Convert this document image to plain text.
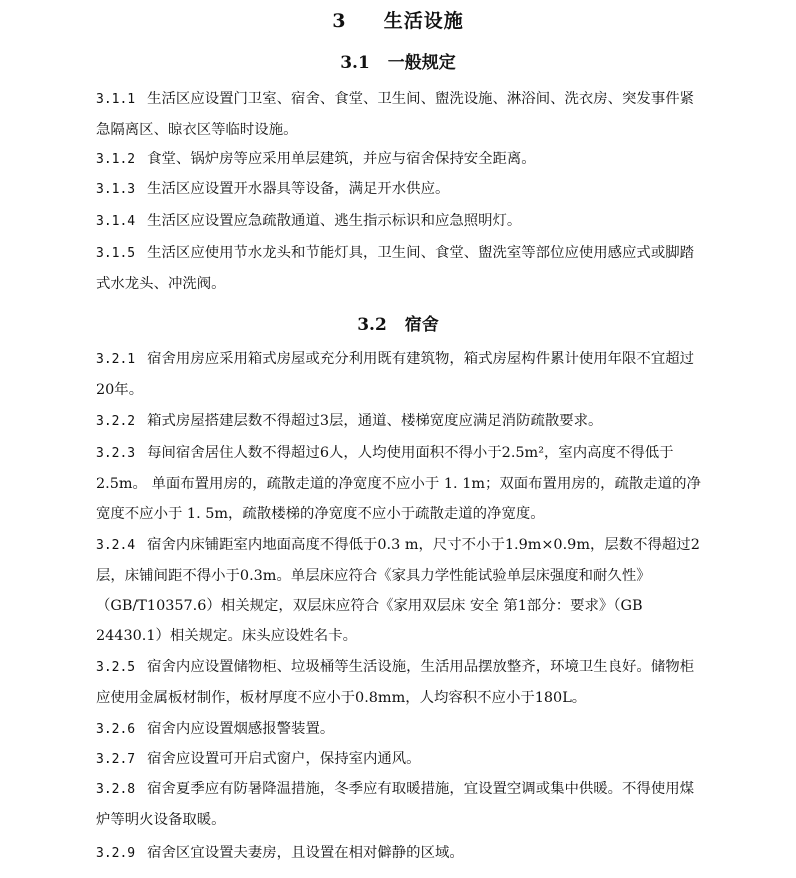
3 生活设施
3.1 一般规定
3.1.1 生活区应设置门卫室、宿舍、食堂、卫生间、盥洗设施、淋浴间、洗衣房、突发事件紧急隔离区、晾衣区等临时设施。
3.1.2 食堂、锅炉房等应采用单层建筑，并应与宿舍保持安全距离。
3.1.3 生活区应设置开水器具等设备，满足开水供应。
3.1.4 生活区应设置应急疏散通道、逃生指示标识和应急照明灯。
3.1.5 生活区应使用节水龙头和节能灯具，卫生间、食堂、盥洗室等部位应使用感应式或脚踏式水龙头、冲洗阀。
3.2 宿舍
3.2.1 宿舍用房应采用箱式房屋或充分利用既有建筑物，箱式房屋构件累计使用年限不宜超过20年。
3.2.2 箱式房屋搭建层数不得超过3层，通道、楼梯宽度应满足消防疏散要求。
3.2.3 每间宿舍居住人数不得超过6人，人均使用面积不得小于2.5m²，室内高度不得低于2.5m。 单面布置用房的，疏散走道的净宽度不应小于 1. 1m；双面布置用房的，疏散走道的净宽度不应小于 1. 5m，疏散楼梯的净宽度不应小于疏散走道的净宽度。
3.2.4 宿舍内床铺距室内地面高度不得低于0.3 m，尺寸不小于1.9m×0.9m，层数不得超过2层，床铺间距不得小于0.3m。单层床应符合《家具力学性能试验单层床强度和耐久性》（GB/T10357.6）相关规定，双层床应符合《家用双层床 安全 第1部分：要求》（GB 24430.1）相关规定。床头应设姓名卡。
3.2.5 宿舍内应设置储物柜、垃圾桶等生活设施，生活用品摆放整齐，环境卫生良好。储物柜应使用金属板材制作，板材厚度不应小于0.8mm，人均容积不应小于180L。
3.2.6 宿舍内应设置烟感报警装置。
3.2.7 宿舍应设置可开启式窗户，保持室内通风。
3.2.8 宿舍夏季应有防暑降温措施，冬季应有取暖措施，宜设置空调或集中供暖。不得使用煤炉等明火设备取暖。
3.2.9 宿舍区宜设置夫妻房，且设置在相对僻静的区域。
